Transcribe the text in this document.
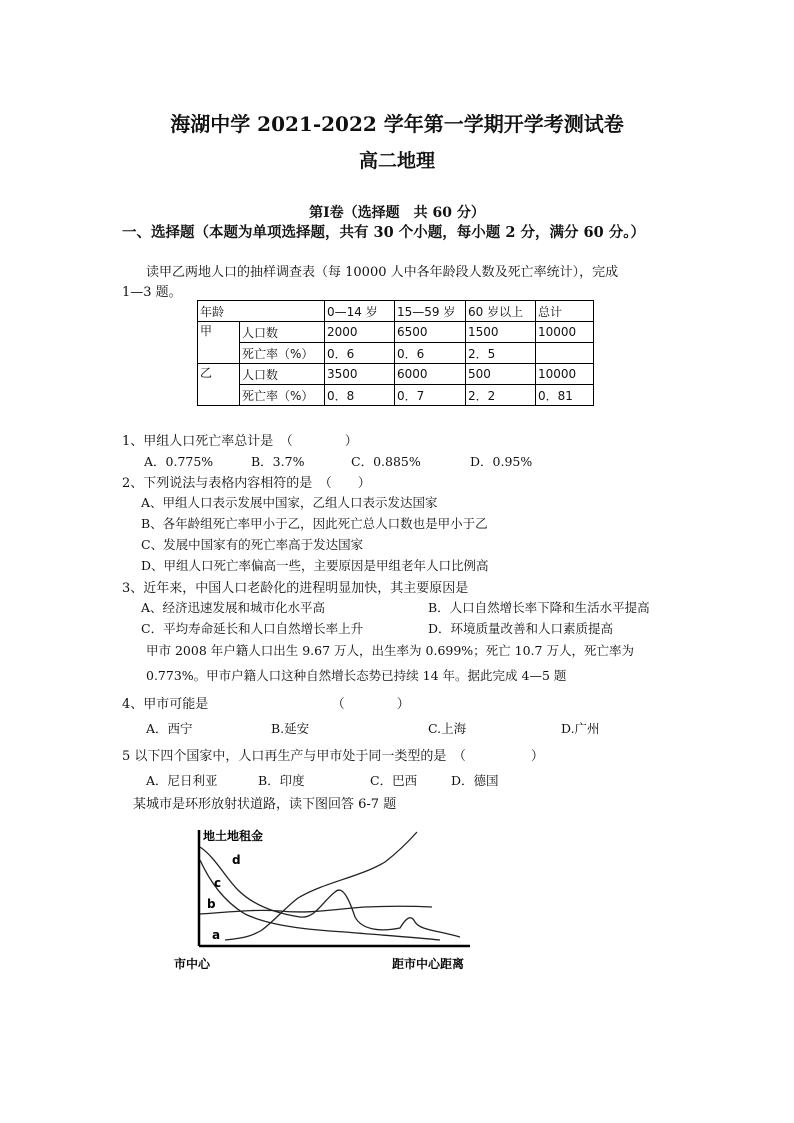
海湖中学 2021-2022 学年第一学期开学考测试卷
高二地理
第Ⅰ卷（选择题　共 60 分）
一、选择题（本题为单项选择题，共有 30 个小题，每小题 2 分，满分 60 分。）
读甲乙两地人口的抽样调查表（每 10000 人中各年龄段人数及死亡率统计），完成
1—3 题。
年龄		0—14 岁	15—59 岁	60 岁以上	总计
甲	人口数	2000	6500	1500	10000
	死亡率（%）	0．6	0．6	2．5	
乙	人口数	3500	6000	500	10000
	死亡率（%）	0．8	0．7	2．2	0．81
1、甲组人口死亡率总计是　（　　　　）
A．0.775%	B．3.7%	C．0.885%	D．0.95%
2、下列说法与表格内容相符的是　（　　）
A、甲组人口表示发展中国家，乙组人口表示发达国家
B、各年龄组死亡率甲小于乙，因此死亡总人口数也是甲小于乙
C、发展中国家有的死亡率高于发达国家
D、甲组人口死亡率偏高一些，主要原因是甲组老年人口比例高
3、近年来，中国人口老龄化的进程明显加快，其主要原因是
A、经济迅速发展和城市化水平高	B．人口自然增长率下降和生活水平提高
C．平均寿命延长和人口自然增长率上升	D．环境质量改善和人口素质提高
甲市 2008 年户籍人口出生 9.67 万人，出生率为 0.699%；死亡 10.7 万人，死亡率为
0.773%。甲市户籍人口这种自然增长态势已持续 14 年。据此完成 4—5 题
4、甲市可能是　　　　　　　　　　（　　　　）
A．西宁	B.延安	C.上海	D.广州
5 以下四个国家中，人口再生产与甲市处于同一类型的是　（　　　　　）
A．尼日利亚	B．印度	C．巴西	D．德国
某城市是环形放射状道路，读下图回答 6-7 题
地土地租金
市中心	距市中心距离
a
b
c
d
